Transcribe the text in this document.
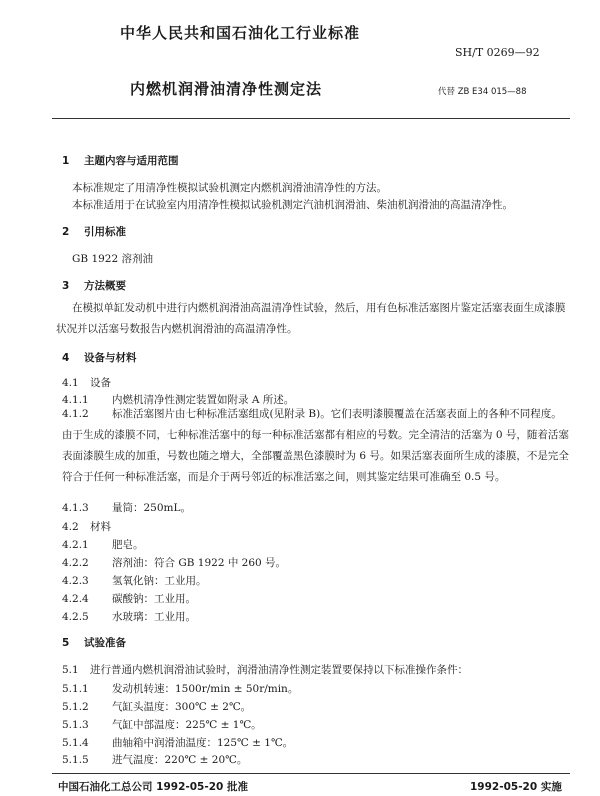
中华人民共和国石油化工行业标准
SH/T 0269—92
内燃机润滑油清净性测定法	代替 ZB E34 015—88
1 主题内容与适用范围
本标准规定了用清净性模拟试验机测定内燃机润滑油清净性的方法。
本标准适用于在试验室内用清净性模拟试验机测定汽油机润滑油、柴油机润滑油的高温清净性。
2 引用标准
GB 1922 溶剂油
3 方法概要
在模拟单缸发动机中进行内燃机润滑油高温清净性试验，然后，用有色标准活塞图片鉴定活塞表面生成漆膜状况并以活塞号数报告内燃机润滑油的高温清净性。
4 设备与材料
4.1 设备
4.1.1 内燃机清净性测定装置如附录 A 所述。
4.1.2 标准活塞图片由七种标准活塞组成(见附录 B)。它们表明漆膜覆盖在活塞表面上的各种不同程度。由于生成的漆膜不同，七种标准活塞中的每一种标准活塞都有相应的号数。完全清洁的活塞为 0 号，随着活塞表面漆膜生成的加重，号数也随之增大，全部覆盖黑色漆膜时为 6 号。如果活塞表面所生成的漆膜，不是完全符合于任何一种标准活塞，而是介于两号邻近的标准活塞之间，则其鉴定结果可准确至 0.5 号。
4.1.3 量筒：250mL。
4.2 材料
4.2.1 肥皂。
4.2.2 溶剂油：符合 GB 1922 中 260 号。
4.2.3 氢氧化钠：工业用。
4.2.4 碳酸钠：工业用。
4.2.5 水玻璃：工业用。
5 试验准备
5.1 进行普通内燃机润滑油试验时，润滑油清净性测定装置要保持以下标准操作条件：
5.1.1 发动机转速：1500r/min ± 50r/min。
5.1.2 气缸头温度：300℃ ± 2℃。
5.1.3 气缸中部温度：225℃ ± 1℃。
5.1.4 曲轴箱中润滑油温度：125℃ ± 1℃。
5.1.5 进气温度：220℃ ± 20℃。
中国石油化工总公司 1992-05-20 批准	1992-05-20 实施
